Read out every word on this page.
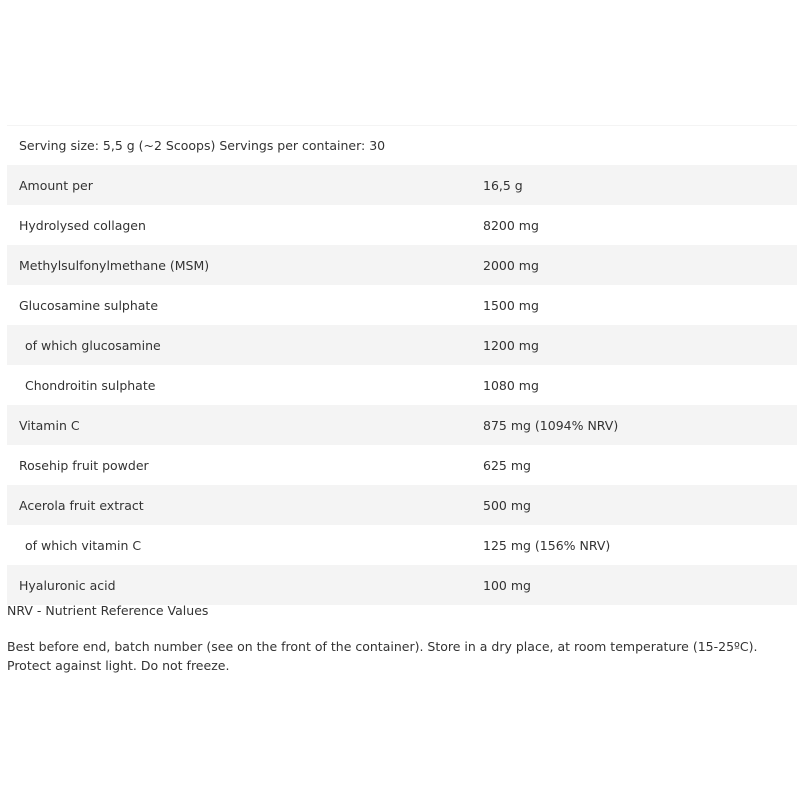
Serving size: 5,5 g (~2 Scoops) Servings per container: 30	
Amount per	16,5 g
Hydrolysed collagen	8200 mg
Methylsulfonylmethane (MSM)	2000 mg
Glucosamine sulphate	1500 mg
of which glucosamine	1200 mg
Chondroitin sulphate	1080 mg
Vitamin C	875 mg (1094% NRV)
Rosehip fruit powder	625 mg
Acerola fruit extract	500 mg
of which vitamin C	125 mg (156% NRV)
Hyaluronic acid	100 mg

NRV - Nutrient Reference Values

Best before end, batch number (see on the front of the container). Store in a dry place, at room temperature (15-25ºC). Protect against light. Do not freeze.
